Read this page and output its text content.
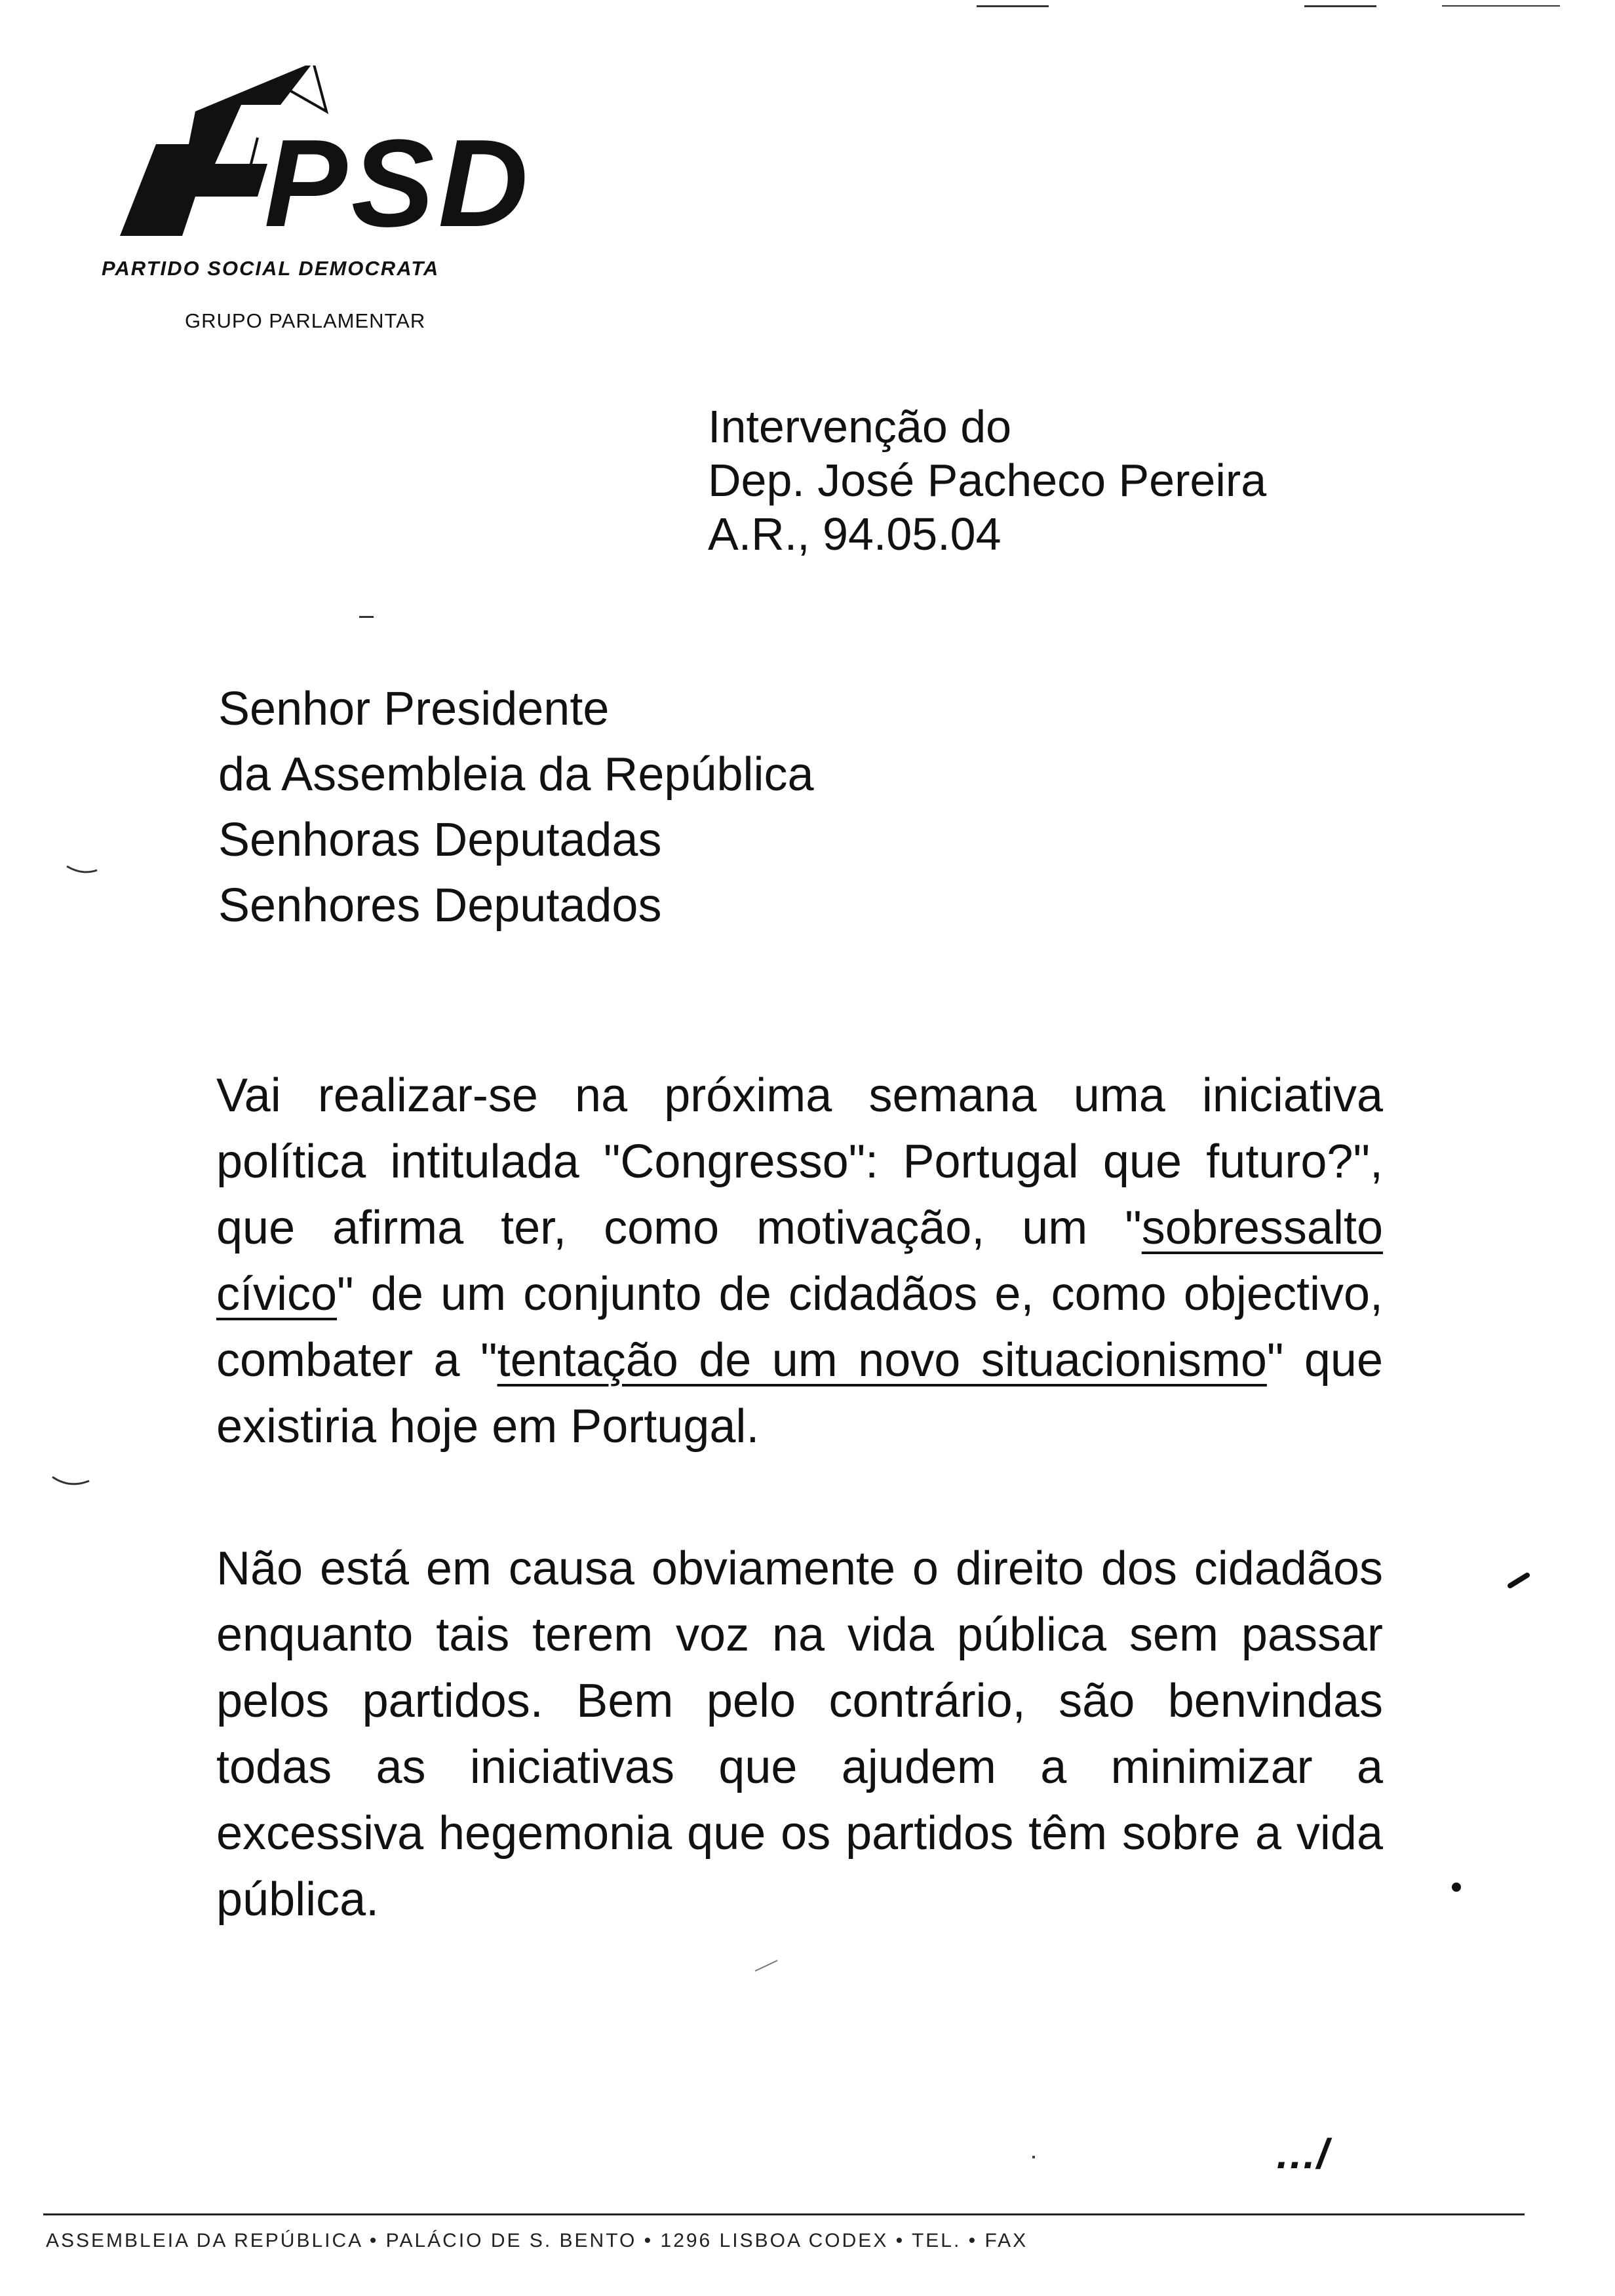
PSD
PARTIDO SOCIAL DEMOCRATA
GRUPO PARLAMENTAR
Intervenção do
Dep. José Pacheco Pereira
A.R., 94.05.04
Senhor Presidente
da Assembleia da República
Senhoras Deputadas
Senhores Deputados
Vai realizar-se na próxima semana uma iniciativa política intitulada "Congresso": Portugal que futuro?", que afirma ter, como motivação, um "sobressalto cívico" de um conjunto de cidadãos e, como objectivo, combater a "tentação de um novo situacionismo" que existiria hoje em Portugal.
Não está em causa obviamente o direito dos cidadãos enquanto tais terem voz na vida pública sem passar pelos partidos. Bem pelo contrário, são benvindas todas as iniciativas que ajudem a minimizar a excessiva hegemonia que os partidos têm sobre a vida pública.
…/
ASSEMBLEIA DA REPÚBLICA • PALÁCIO DE S. BENTO • 1296 LISBOA CODEX • TEL. • FAX
